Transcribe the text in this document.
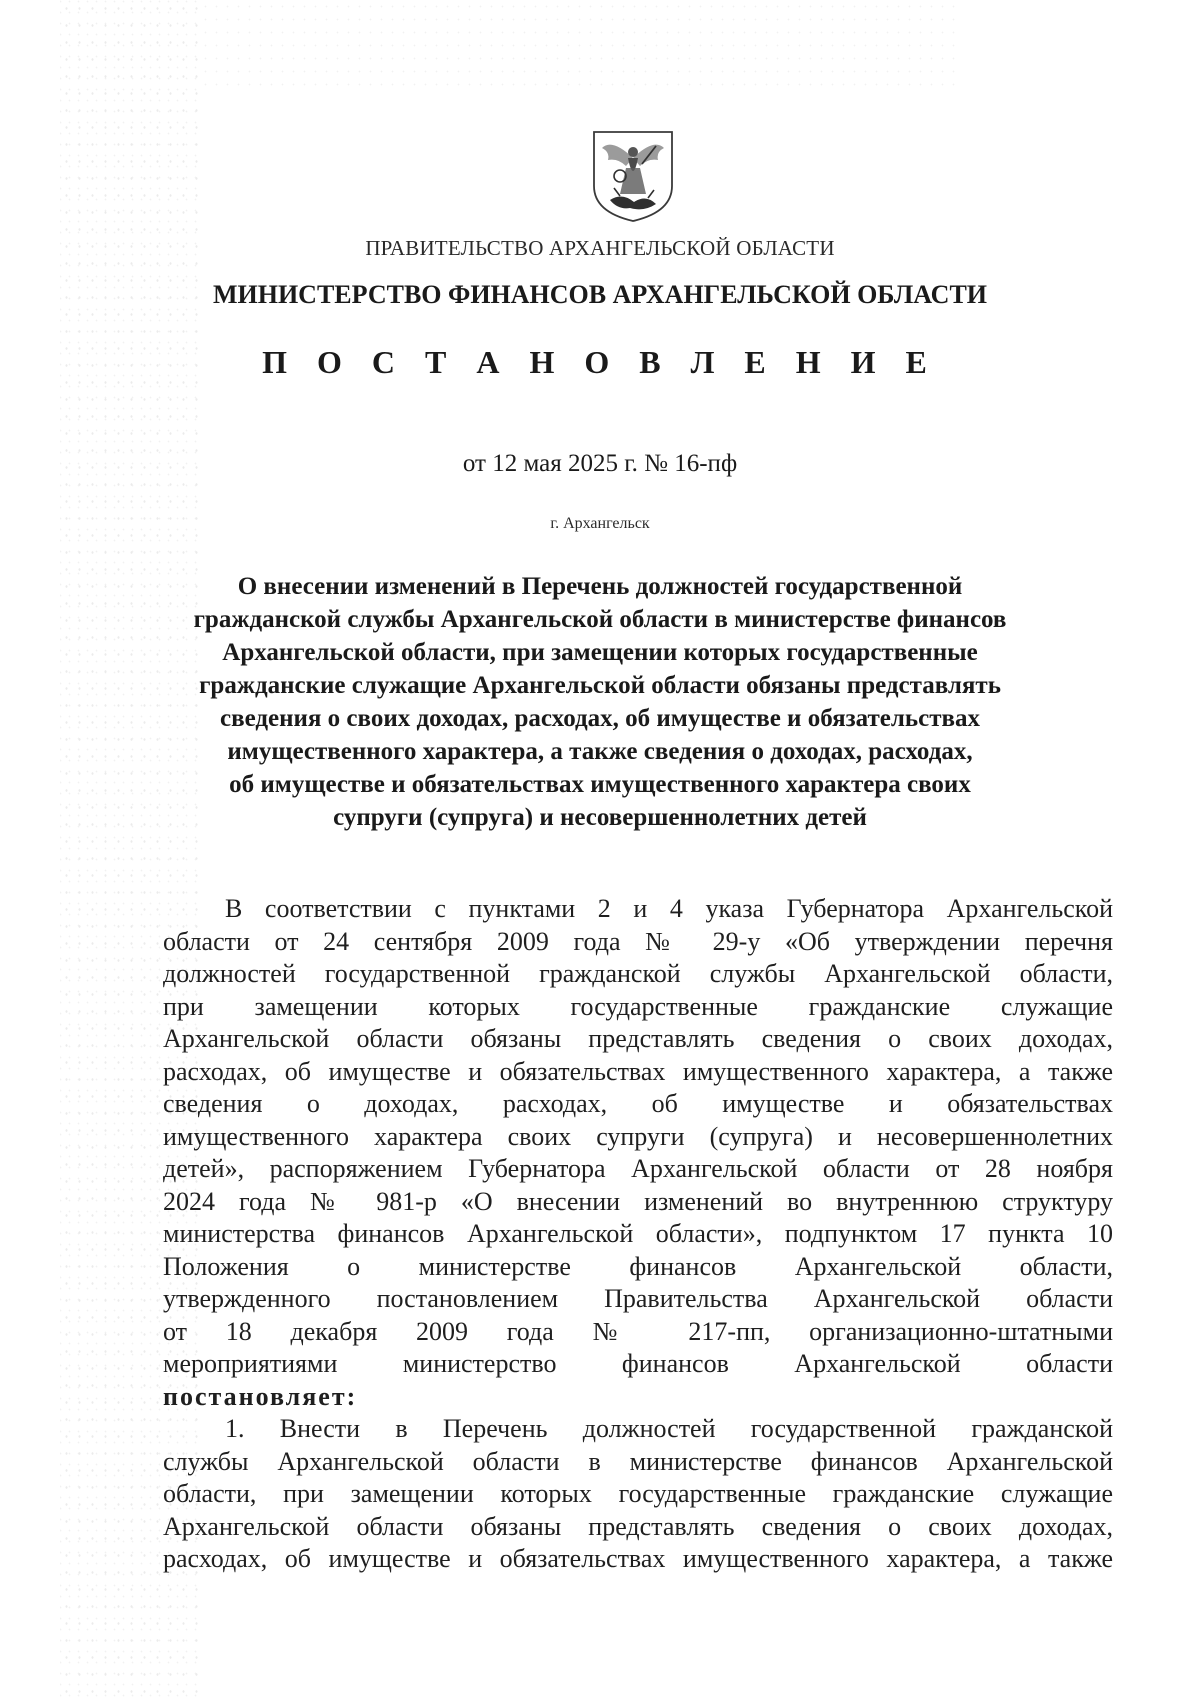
ПРАВИТЕЛЬСТВО АРХАНГЕЛЬСКОЙ ОБЛАСТИ
МИНИСТЕРСТВО ФИНАНСОВ АРХАНГЕЛЬСКОЙ ОБЛАСТИ
П О С Т А Н О В Л Е Н И Е
от 12 мая 2025 г. № 16-пф
г. Архангельск
О внесении изменений в Перечень должностей государственной
гражданской службы Архангельской области в министерстве финансов
Архангельской области, при замещении которых государственные
гражданские служащие Архангельской области обязаны представлять
сведения о своих доходах, расходах, об имуществе и обязательствах
имущественного характера, а также сведения о доходах, расходах,
об имуществе и обязательствах имущественного характера своих
супруги (супруга) и несовершеннолетних детей
В соответствии с пунктами 2 и 4 указа Губернатора Архангельской
области от 24 сентября 2009 года № 29-у «Об утверждении перечня
должностей государственной гражданской службы Архангельской области,
при замещении которых государственные гражданские служащие
Архангельской области обязаны представлять сведения о своих доходах,
расходах, об имуществе и обязательствах имущественного характера, а также
сведения о доходах, расходах, об имуществе и обязательствах
имущественного характера своих супруги (супруга) и несовершеннолетних
детей», распоряжением Губернатора Архангельской области от 28 ноября
2024 года № 981-р «О внесении изменений во внутреннюю структуру
министерства финансов Архангельской области», подпунктом 17 пункта 10
Положения о министерстве финансов Архангельской области,
утвержденного постановлением Правительства Архангельской области
от 18 декабря 2009 года № 217-пп, организационно-штатными
мероприятиями министерство финансов Архангельской области
постановляет:
1. Внести в Перечень должностей государственной гражданской
службы Архангельской области в министерстве финансов Архангельской
области, при замещении которых государственные гражданские служащие
Архангельской области обязаны представлять сведения о своих доходах,
расходах, об имуществе и обязательствах имущественного характера, а также
